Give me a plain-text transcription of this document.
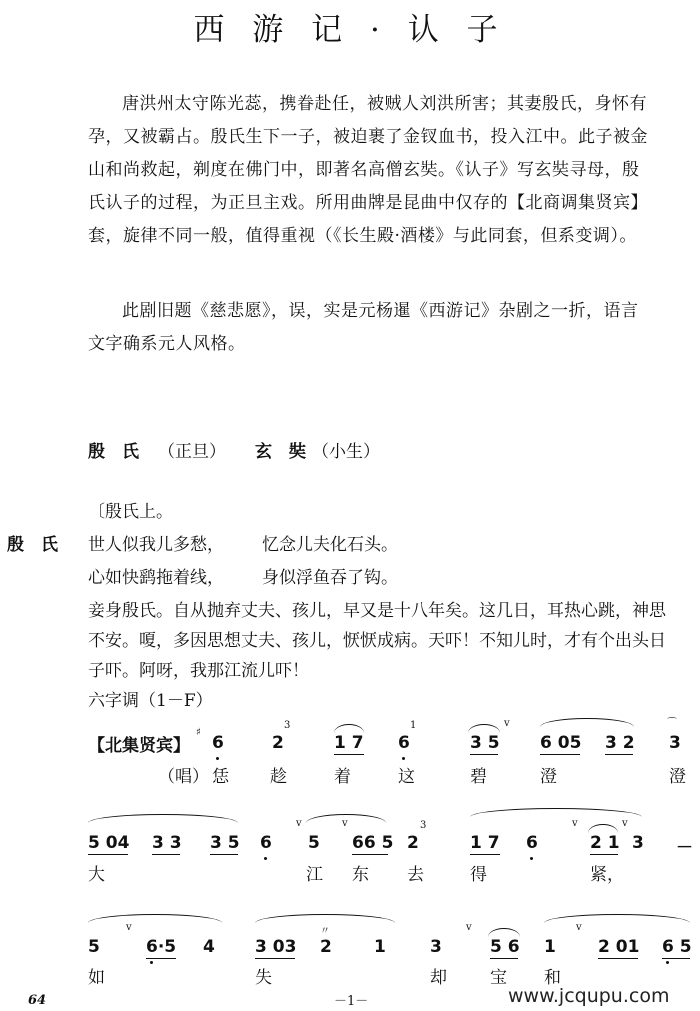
西 游 记 · 认 子
唐洪州太守陈光蕊，携眷赴任，被贼人刘洪所害；其妻殷氏，身怀有孕，又被霸占。殷氏生下一子，被迫裹了金钗血书，投入江中。此子被金山和尚救起，剃度在佛门中，即著名高僧玄奘。《认子》写玄奘寻母，殷氏认子的过程，为正旦主戏。所用曲牌是昆曲中仅存的【北商调集贤宾】套，旋律不同一般，值得重视（《长生殿·酒楼》与此同套，但系变调）。
此剧旧题《慈悲愿》，误，实是元杨暹《西游记》杂剧之一折，语言文字确系元人风格。
殷　氏 （正旦） 玄　奘 （小生）
〔殷氏上。
殷　氏 世人似我儿多愁， 忆念儿夫化石头。
心如快鹞拖着线， 身似浮鱼吞了钩。
妾身殷氏。自从抛弃丈夫、孩儿，早又是十八年矣。这几日，耳热心跳，神思
不安。嗄，多因思想丈夫、孩儿，恹恹成病。天吓！不知儿时，才有个出头日
子吓。阿呀，我那江流儿吓！
六字调（1－F）
【北集贤宾】
♯
（唱）
6	2
3
1 7 6
1
3 5 6 05 3 2 3
v	⌒
恁 趁	着	这	碧	澄	澄
5 04 3 3 3 5 6 5 66 5 2
3
1 7 6	2 1 3 －
v	v	v	v
大	江 东 去	得	紧，
5	6·5 4 3 03 2
〃
1	3	5 6 1 2 01 6 5
v	v	v
如	失	却	宝 和
64	－1－	www.jcqupu.com
